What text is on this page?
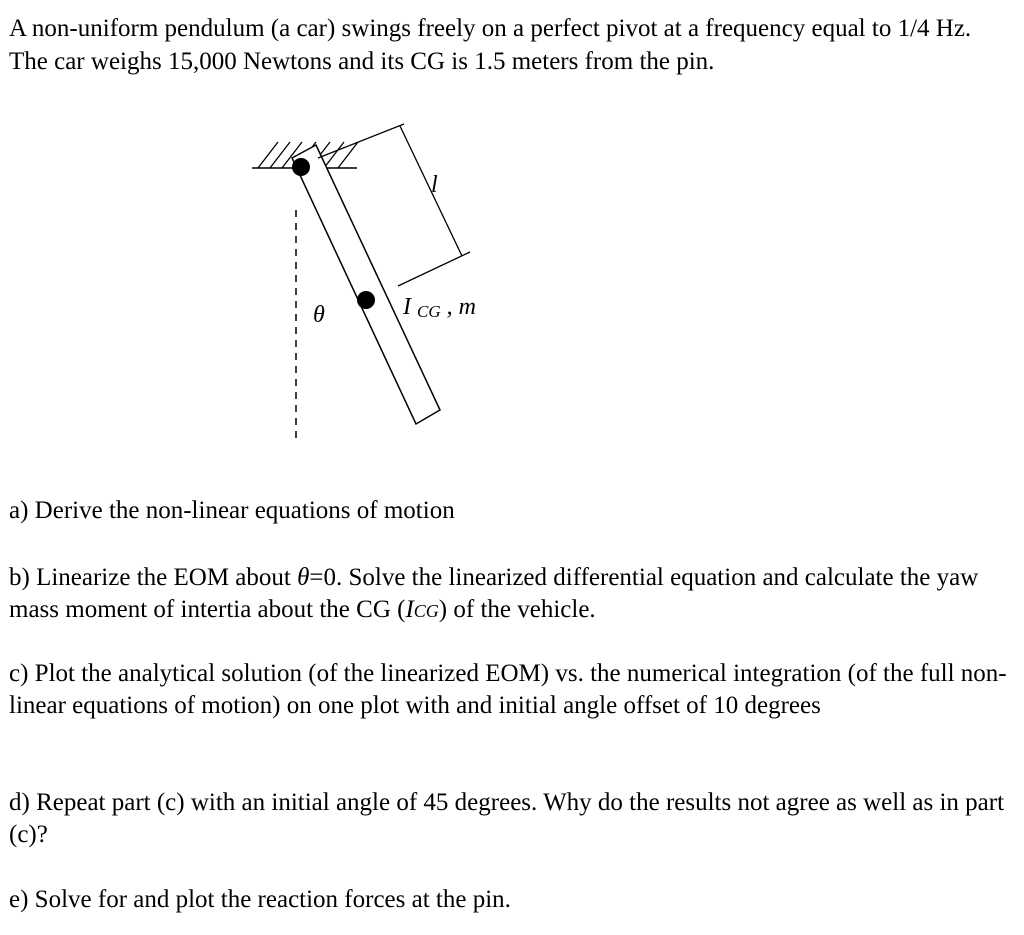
A non-uniform pendulum (a car) swings freely on a perfect pivot at a frequency equal to 1/4 Hz. The car weighs 15,000 Newtons and its CG is 1.5 meters from the pin.

l
θ	I CG , m

a) Derive the non-linear equations of motion

b) Linearize the EOM about θ=0. Solve the linearized differential equation and calculate the yaw mass moment of intertia about the CG (ICG) of the vehicle.

c) Plot the analytical solution (of the linearized EOM) vs. the numerical integration (of the full non-linear equations of motion) on one plot with and initial angle offset of 10 degrees

d) Repeat part (c) with an initial angle of 45 degrees. Why do the results not agree as well as in part (c)?

e) Solve for and plot the reaction forces at the pin.
